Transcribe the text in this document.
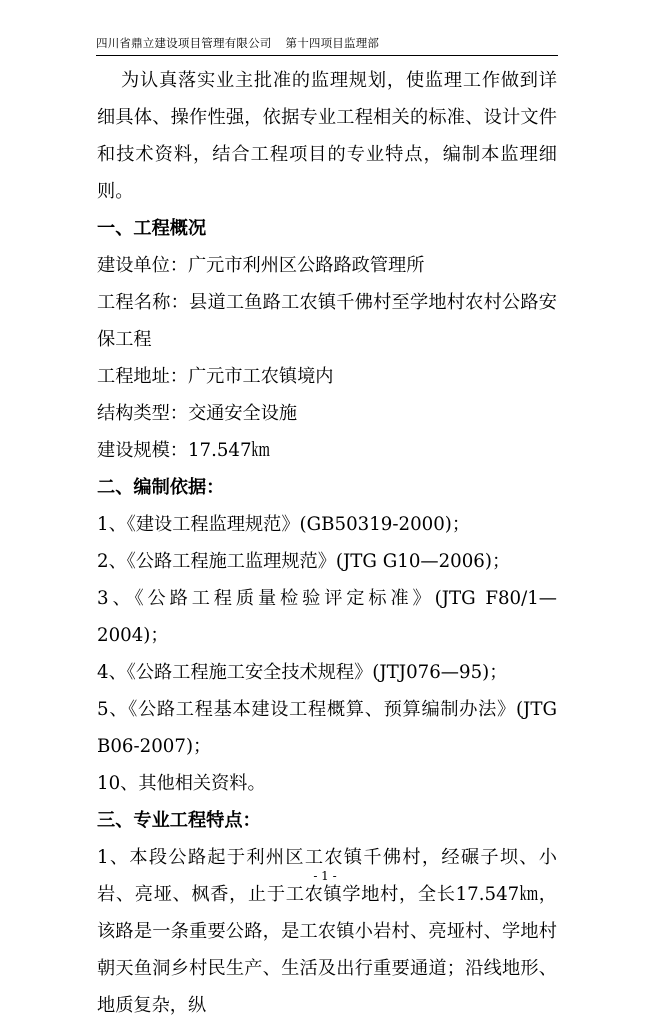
四川省鼎立建设项目管理有限公司 第十四项目监理部

为认真落实业主批准的监理规划，使监理工作做到详细具体、操作性强，依据专业工程相关的标准、设计文件和技术资料，结合工程项目的专业特点，编制本监理细则。

一、工程概况

建设单位：广元市利州区公路路政管理所

工程名称：县道工鱼路工农镇千佛村至学地村农村公路安保工程

工程地址：广元市工农镇境内

结构类型：交通安全设施

建设规模：17.547㎞

二、编制依据：

1、《建设工程监理规范》(GB50319-2000)；

2、《公路工程施工监理规范》(JTG G10—2006)；

3、《公路工程质量检验评定标准》(JTG F80/1—2004)；

4、《公路工程施工安全技术规程》(JTJ076—95)；

5、《公路工程基本建设工程概算、预算编制办法》(JTG B06-2007)；

10、其他相关资料。

三、专业工程特点：

1、本段公路起于利州区工农镇千佛村，经碾子坝、小岩、亮垭、枫香，止于工农镇学地村，全长17.547㎞，该路是一条重要公路，是工农镇小岩村、亮垭村、学地村朝天鱼洞乡村民生产、生活及出行重要通道；沿线地形、地质复杂，纵

- 1 -
